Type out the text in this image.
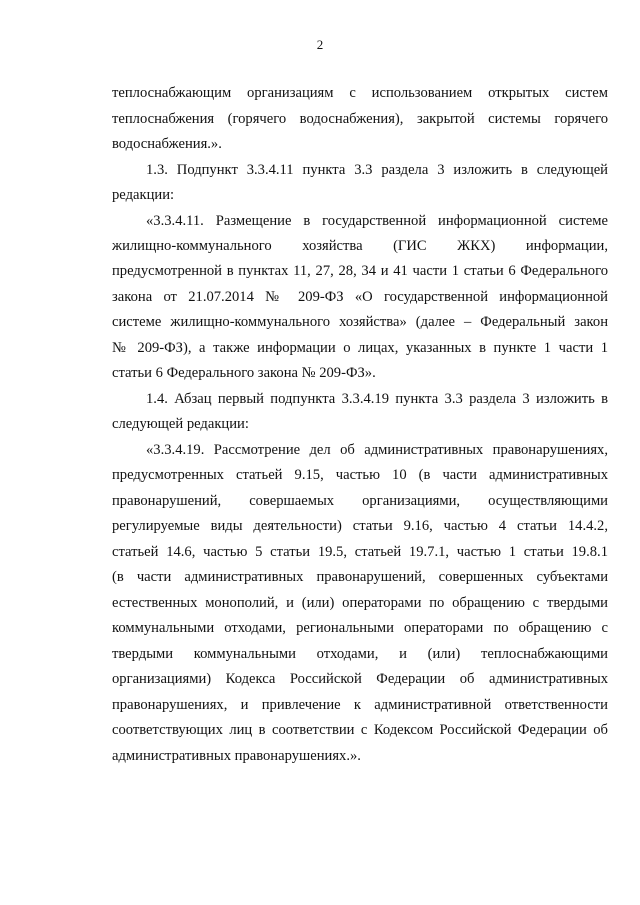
2
теплоснабжающим организациям с использованием открытых систем
теплоснабжения (горячего водоснабжения), закрытой системы горячего
водоснабжения.».
1.3. Подпункт 3.3.4.11 пункта 3.3 раздела 3 изложить в следующей
редакции:
«3.3.4.11. Размещение в государственной информационной системе
жилищно-коммунального хозяйства (ГИС ЖКХ) информации,
предусмотренной в пунктах 11, 27, 28, 34 и 41 части 1 статьи 6 Федерального
закона от 21.07.2014 № 209-ФЗ «О государственной информационной
системе жилищно-коммунального хозяйства» (далее – Федеральный закон
№ 209-ФЗ), а также информации о лицах, указанных в пункте 1 части 1
статьи 6 Федерального закона № 209-ФЗ».
1.4. Абзац первый подпункта 3.3.4.19 пункта 3.3 раздела 3 изложить в
следующей редакции:
«3.3.4.19. Рассмотрение дел об административных правонарушениях,
предусмотренных статьей 9.15, частью 10 (в части административных
правонарушений, совершаемых организациями, осуществляющими
регулируемые виды деятельности) статьи 9.16, частью 4 статьи 14.4.2,
статьей 14.6, частью 5 статьи 19.5, статьей 19.7.1, частью 1 статьи 19.8.1
(в части административных правонарушений, совершенных субъектами
естественных монополий, и (или) операторами по обращению с твердыми
коммунальными отходами, региональными операторами по обращению с
твердыми коммунальными отходами, и (или) теплоснабжающими
организациями) Кодекса Российской Федерации об административных
правонарушениях, и привлечение к административной ответственности
соответствующих лиц в соответствии с Кодексом Российской Федерации об
административных правонарушениях.».
